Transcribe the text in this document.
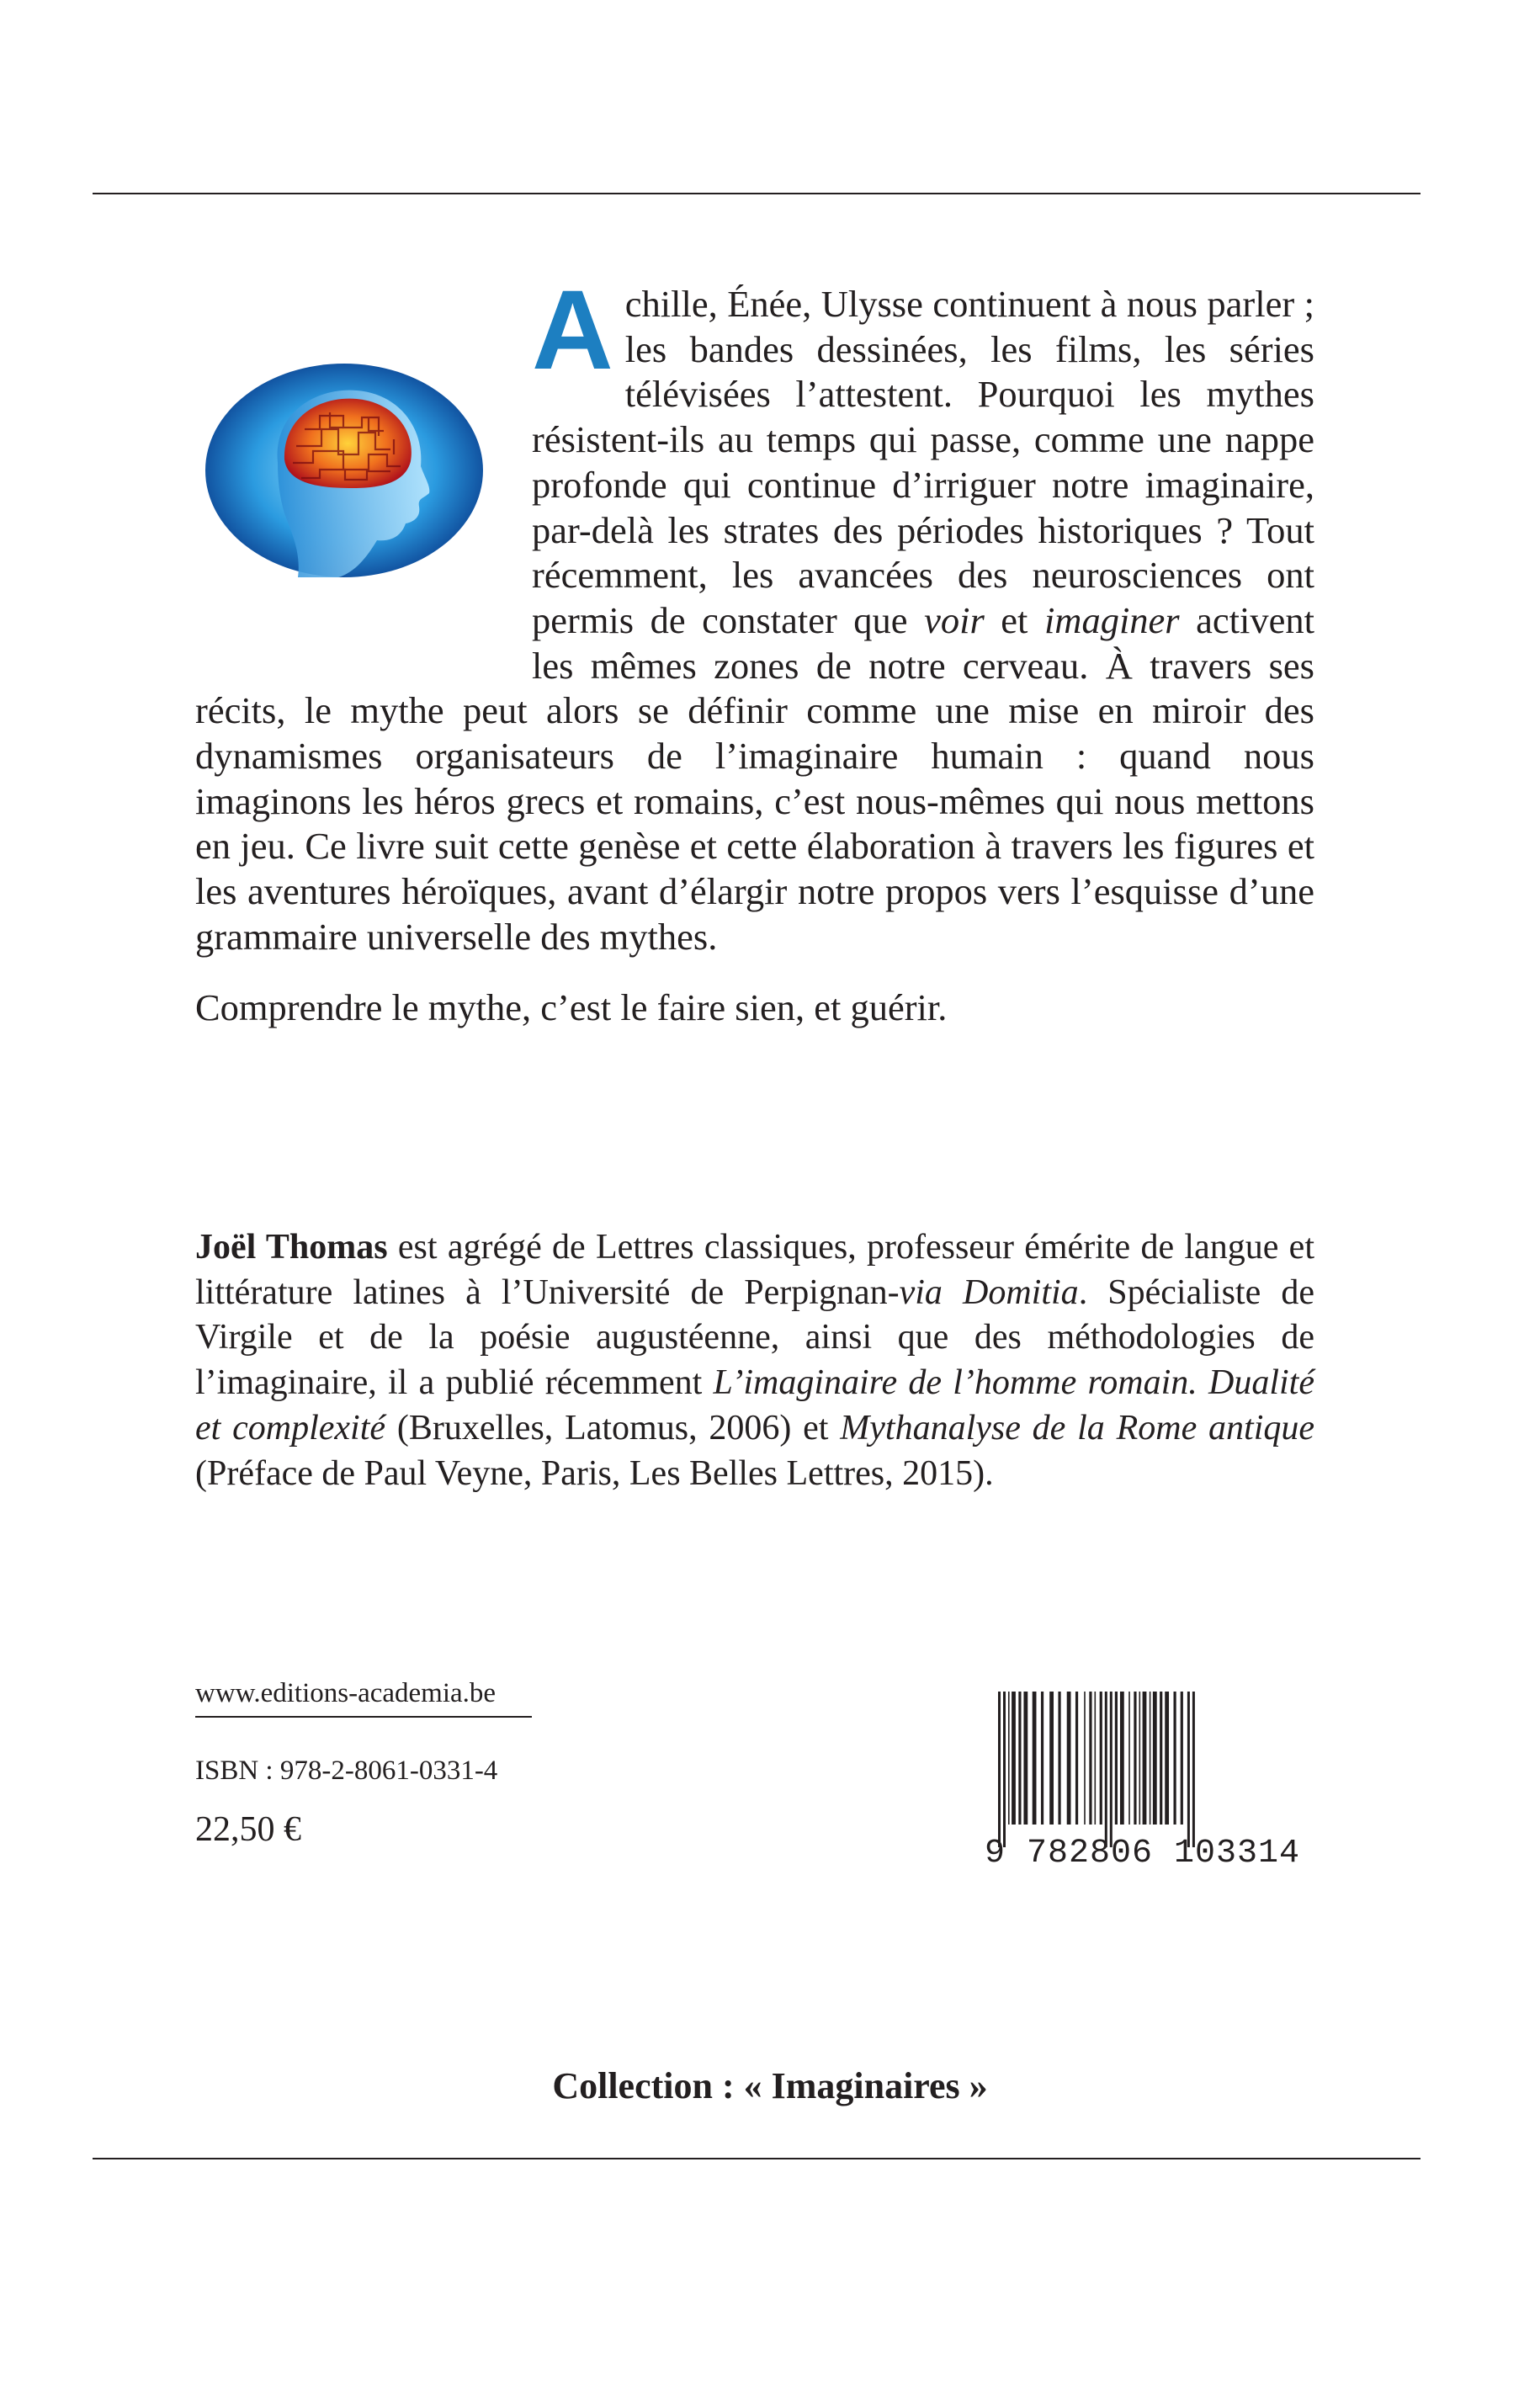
Achille, Énée, Ulysse continuent à nous parler ; les bandes dessinées, les films, les séries télévisées l’attestent. Pourquoi les mythes résistent-ils au temps qui passe, comme une nappe profonde qui continue d’irriguer notre imaginaire, par-delà les strates des périodes historiques ? Tout récemment, les avancées des neurosciences ont permis de constater que voir et imaginer activent les mêmes zones de notre cerveau. À travers ses récits, le mythe peut alors se définir comme une mise en miroir des dynamismes organisateurs de l’imaginaire humain : quand nous imaginons les héros grecs et romains, c’est nous-mêmes qui nous mettons en jeu. Ce livre suit cette genèse et cette élaboration à travers les figures et les aventures héroïques, avant d’élargir notre propos vers l’esquisse d’une grammaire universelle des mythes.

Comprendre le mythe, c’est le faire sien, et guérir.

Joël Thomas est agrégé de Lettres classiques, professeur émérite de langue et littérature latines à l’Université de Perpignan-via Domitia. Spécialiste de Virgile et de la poésie augustéenne, ainsi que des méthodologies de l’imaginaire, il a publié récemment L’imaginaire de l’homme romain. Dualité et complexité (Bruxelles, Latomus, 2006) et Mythanalyse de la Rome antique (Préface de Paul Veyne, Paris, Les Belles Lettres, 2015).
www.editions-academia.be
ISBN : 978-2-8061-0331-4
22,50 €
9 782806 103314
Collection : « Imaginaires »
